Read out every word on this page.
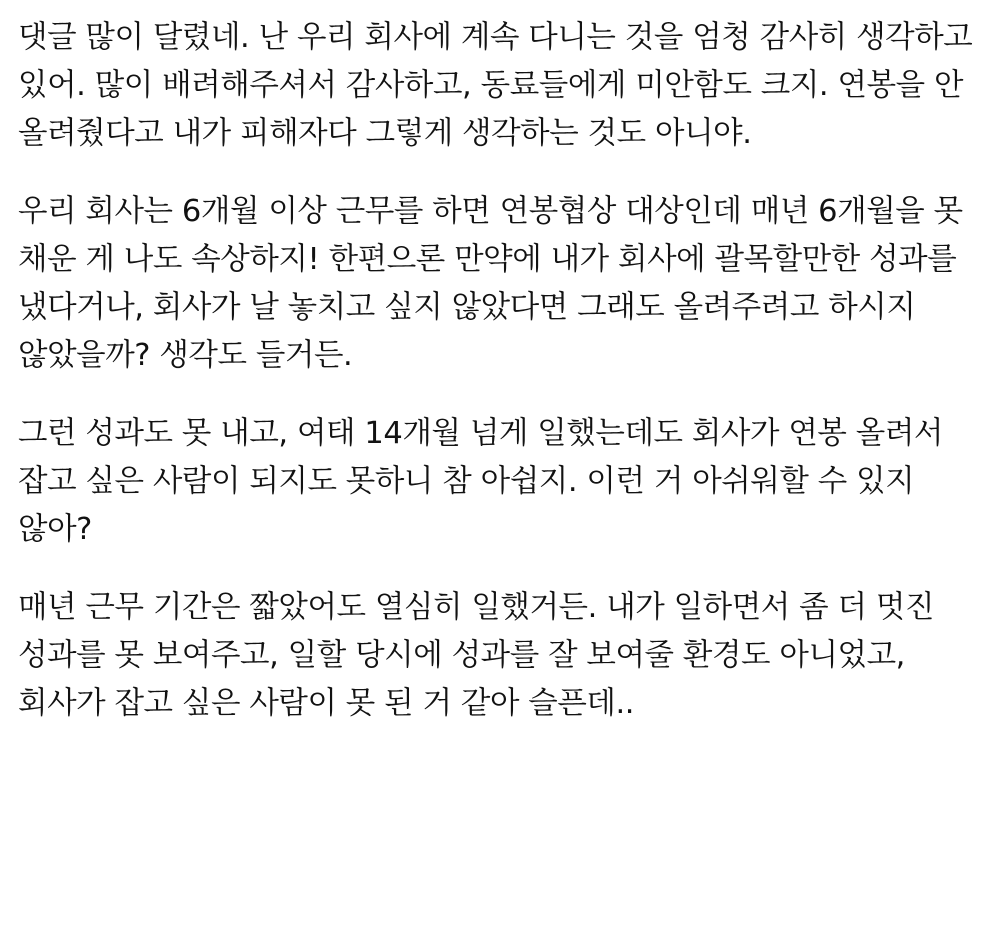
댓글 많이 달렸네. 난 우리 회사에 계속 다니는 것을 엄청 감사히 생각하고 있어. 많이 배려해주셔서 감사하고, 동료들에게 미안함도 크지. 연봉을 안 올려줬다고 내가 피해자다 그렇게 생각하는 것도 아니야.

우리 회사는 6개월 이상 근무를 하면 연봉협상 대상인데 매년 6개월을 못 채운 게 나도 속상하지! 한편으론 만약에 내가 회사에 괄목할만한 성과를 냈다거나, 회사가 날 놓치고 싶지 않았다면 그래도 올려주려고 하시지 않았을까? 생각도 들거든.

그런 성과도 못 내고, 여태 14개월 넘게 일했는데도 회사가 연봉 올려서 잡고 싶은 사람이 되지도 못하니 참 아쉽지. 이런 거 아쉬워할 수 있지 않아?

매년 근무 기간은 짧았어도 열심히 일했거든. 내가 일하면서 좀 더 멋진 성과를 못 보여주고, 일할 당시에 성과를 잘 보여줄 환경도 아니었고, 회사가 잡고 싶은 사람이 못 된 거 같아 슬픈데..
